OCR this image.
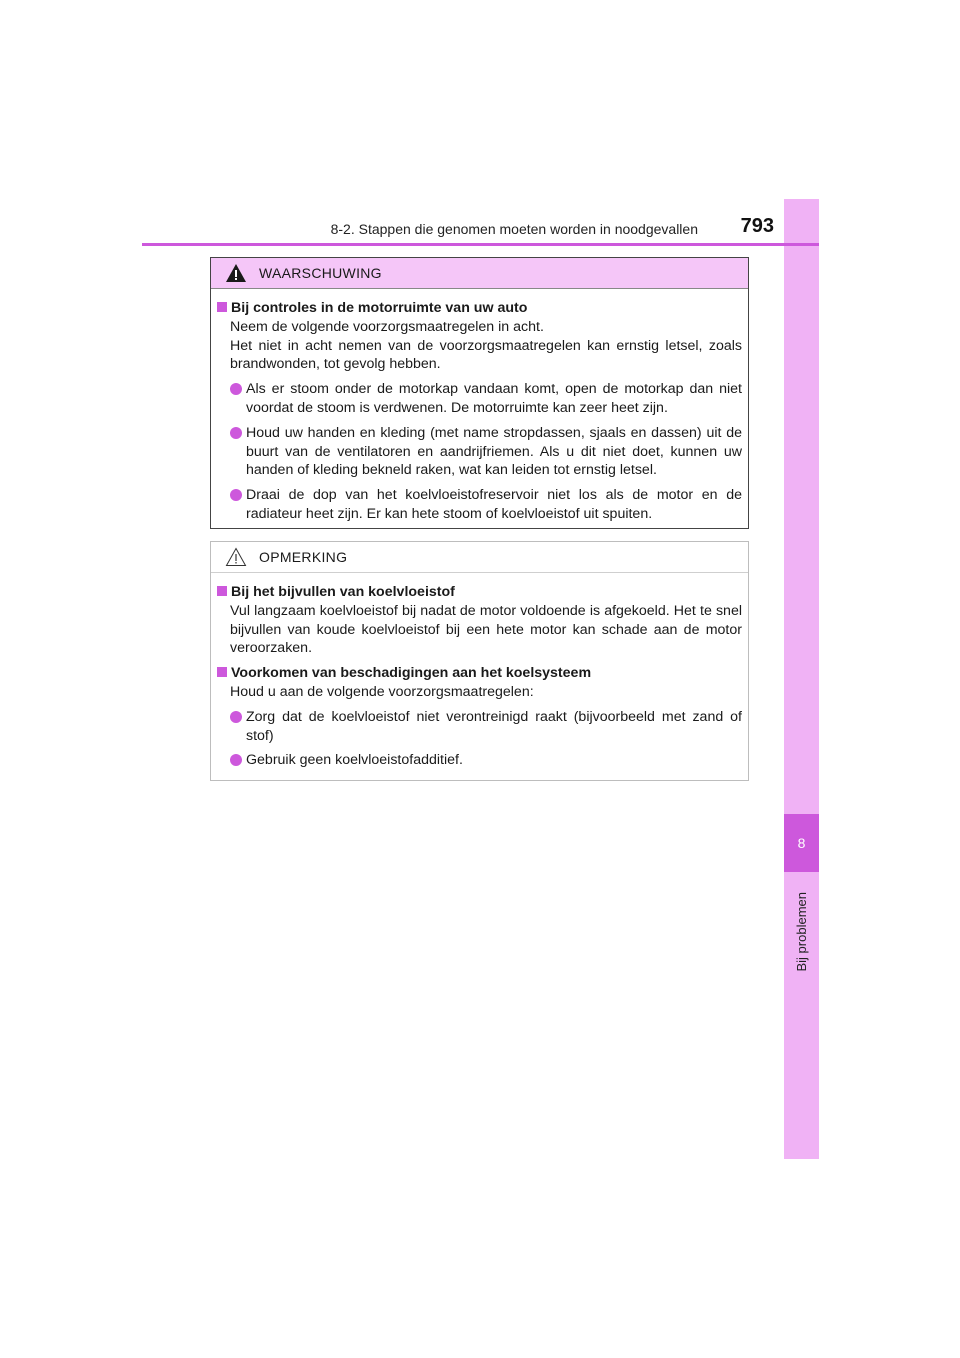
8
Bij problemen
8-2. Stappen die genomen moeten worden in noodgevallen	793
WAARSCHUWING
Bij controles in de motorruimte van uw auto
Neem de volgende voorzorgsmaatregelen in acht.
Het niet in acht nemen van de voorzorgsmaatregelen kan ernstig letsel, zoals brandwonden, tot gevolg hebben.
Als er stoom onder de motorkap vandaan komt, open de motorkap dan niet voordat de stoom is verdwenen. De motorruimte kan zeer heet zijn.
Houd uw handen en kleding (met name stropdassen, sjaals en dassen) uit de buurt van de ventilatoren en aandrijfriemen. Als u dit niet doet, kunnen uw handen of kleding bekneld raken, wat kan leiden tot ernstig letsel.
Draai de dop van het koelvloeistofreservoir niet los als de motor en de radiateur heet zijn. Er kan hete stoom of koelvloeistof uit spuiten.
OPMERKING
Bij het bijvullen van koelvloeistof
Vul langzaam koelvloeistof bij nadat de motor voldoende is afgekoeld. Het te snel bijvullen van koude koelvloeistof bij een hete motor kan schade aan de motor veroorzaken.
Voorkomen van beschadigingen aan het koelsysteem
Houd u aan de volgende voorzorgsmaatregelen:
Zorg dat de koelvloeistof niet verontreinigd raakt (bijvoorbeeld met zand of stof)
Gebruik geen koelvloeistofadditief.
